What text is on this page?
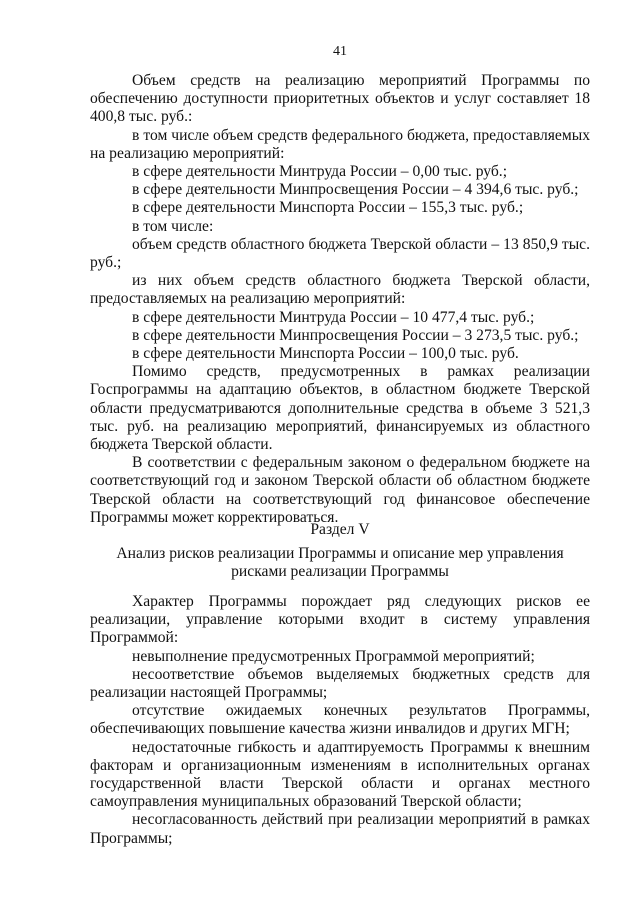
41

Объем средств на реализацию мероприятий Программы по обеспечению доступности приоритетных объектов и услуг составляет 18 400,8 тыс. руб.:

в том числе объем средств федерального бюджета, предоставляемых на реализацию мероприятий:

в сфере деятельности Минтруда России – 0,00 тыс. руб.;

в сфере деятельности Минпросвещения России – 4 394,6 тыс. руб.;

в сфере деятельности Минспорта России – 155,3 тыс. руб.;

в том числе:

объем средств областного бюджета Тверской области – 13 850,9 тыс. руб.;

из них объем средств областного бюджета Тверской области, предоставляемых на реализацию мероприятий:

в сфере деятельности Минтруда России – 10 477,4 тыс. руб.;

в сфере деятельности Минпросвещения России – 3 273,5 тыс. руб.;

в сфере деятельности Минспорта России – 100,0 тыс. руб.

Помимо средств, предусмотренных в рамках реализации Госпрограммы на адаптацию объектов, в областном бюджете Тверской области предусматриваются дополнительные средства в объеме 3 521,3 тыс. руб. на реализацию мероприятий, финансируемых из областного бюджета Тверской области.

В соответствии с федеральным законом о федеральном бюджете на соответствующий год и законом Тверской области об областном бюджете Тверской области на соответствующий год финансовое обеспечение Программы может корректироваться.

Раздел V
Анализ рисков реализации Программы и описание мер управления
рисками реализации Программы

Характер Программы порождает ряд следующих рисков ее реализации, управление которыми входит в систему управления Программой:

невыполнение предусмотренных Программой мероприятий;

несоответствие объемов выделяемых бюджетных средств для реализации настоящей Программы;

отсутствие ожидаемых конечных результатов Программы, обеспечивающих повышение качества жизни инвалидов и других МГН;

недостаточные гибкость и адаптируемость Программы к внешним факторам и организационным изменениям в исполнительных органах государственной власти Тверской области и органах местного самоуправления муниципальных образований Тверской области;

несогласованность действий при реализации мероприятий в рамках Программы;
